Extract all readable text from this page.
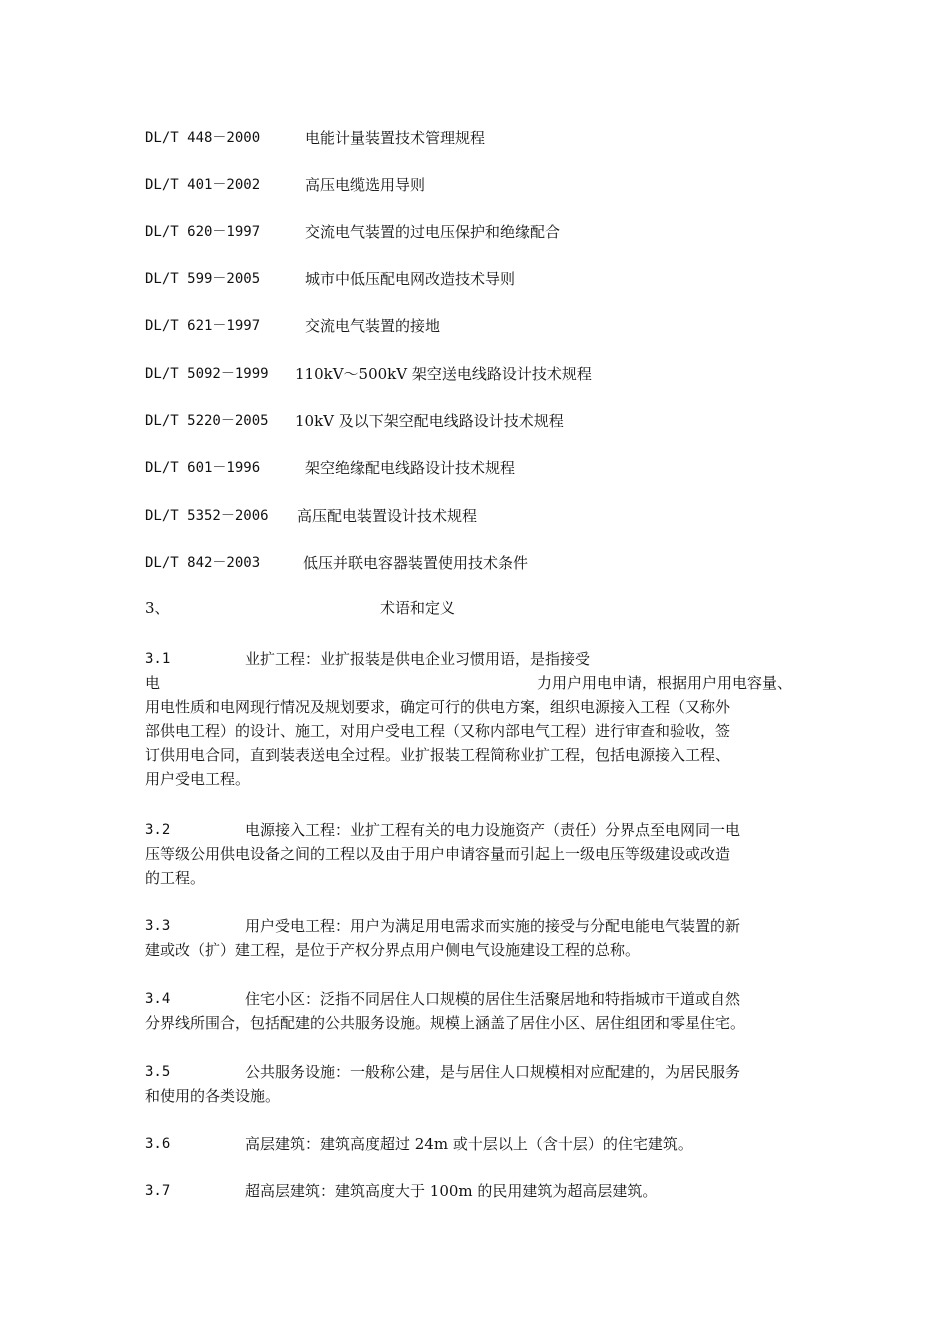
DL/T 448－2000	电能计量装置技术管理规程
DL/T 401－2002	高压电缆选用导则
DL/T 620－1997	交流电气装置的过电压保护和绝缘配合
DL/T 599－2005	城市中低压配电网改造技术导则
DL/T 621－1997	交流电气装置的接地
DL/T 5092－1999 110kV～500kV 架空送电线路设计技术规程
DL/T 5220－2005 10kV 及以下架空配电线路设计技术规程
DL/T 601－1996	架空绝缘配电线路设计技术规程
DL/T 5352－2006 高压配电装置设计技术规程
DL/T 842－2003	低压并联电容器装置使用技术条件
3、	术语和定义
3.1	业扩工程：业扩报装是供电企业习惯用语，是指接受
电	力用户用电申请，根据用户用电容量、
用电性质和电网现行情况及规划要求，确定可行的供电方案，组织电源接入工程（又称外
部供电工程）的设计、施工，对用户受电工程（又称内部电气工程）进行审查和验收，签
订供用电合同，直到装表送电全过程。业扩报装工程简称业扩工程，包括电源接入工程、
用户受电工程。
3.2	电源接入工程：业扩工程有关的电力设施资产（责任）分界点至电网同一电
压等级公用供电设备之间的工程以及由于用户申请容量而引起上一级电压等级建设或改造
的工程。
3.3	用户受电工程：用户为满足用电需求而实施的接受与分配电能电气装置的新
建或改（扩）建工程，是位于产权分界点用户侧电气设施建设工程的总称。
3.4	住宅小区：泛指不同居住人口规模的居住生活聚居地和特指城市干道或自然
分界线所围合，包括配建的公共服务设施。规模上涵盖了居住小区、居住组团和零星住宅。
3.5	公共服务设施：一般称公建，是与居住人口规模相对应配建的，为居民服务
和使用的各类设施。
3.6	高层建筑：建筑高度超过 24m 或十层以上（含十层）的住宅建筑。
3.7	超高层建筑：建筑高度大于 100m 的民用建筑为超高层建筑。
